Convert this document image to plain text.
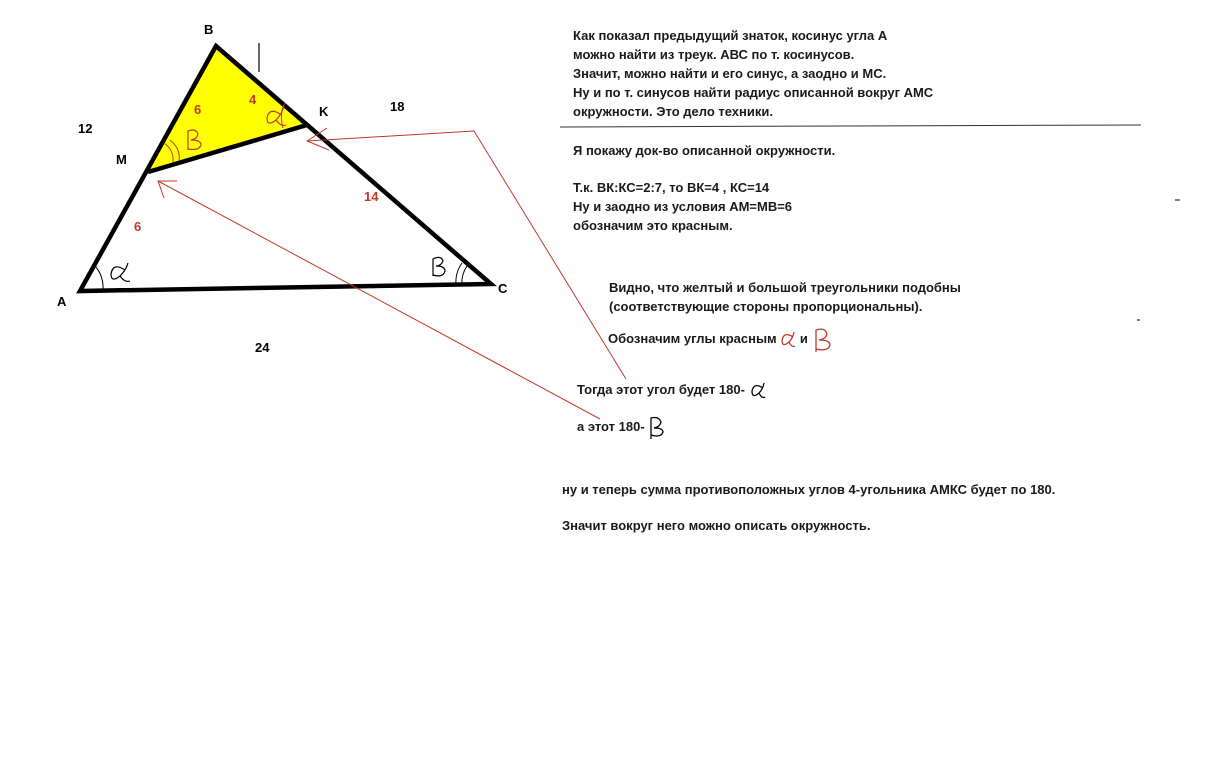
B
A
C
M
K
12
18
24
6
4
6
14
Как показал предыдущий знаток, косинус угла А
можно найти из треук. АВС по т. косинусов.
Значит, можно найти и его синус, а заодно и МС.
Ну и по т. синусов найти радиус описанной вокруг АМС
окружности. Это дело техники.
Я покажу док-во описанной окружности.
Т.к. ВК:КС=2:7, то ВК=4 , КС=14
Ну и заодно из условия АМ=МВ=6
обозначим это красным.
Видно, что желтый и большой треугольники подобны
(соответствующие стороны пропорциональны).
Обозначим углы красным и
Тогда этот угол будет 180-
а этот 180-
ну и теперь сумма противоположных углов 4-угольника АМКС будет по 180.
Значит вокруг него можно описать окружность.
